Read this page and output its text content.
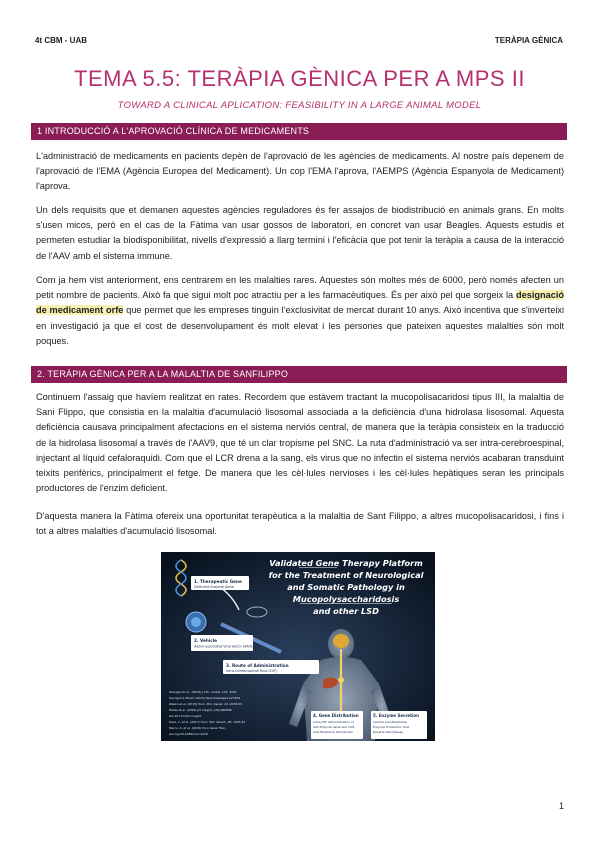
4t CBM - UAB	TERÀPIA GÈNICA
TEMA 5.5: TERÀPIA GÈNICA PER A MPS II
TOWARD A CLINICAL APLICATION: FEASIBILITY IN A LARGE ANIMAL MODEL
1 INTRODUCCIÓ A L'APROVACIÓ CLÍNICA DE MEDICAMENTS

L'administració de medicaments en pacients depèn de l'aprovació de les agències de medicaments. Al nostre país depenem de l'aprovació de l'EMA (Agència Europea del Medicament). Un cop l'EMA l'aprova, l'AEMPS (Agència Espanyola de Medicament) l'aprova.

Un dels requisits que et demanen aquestes agències reguladores és fer assajos de biodistribució en animals grans. En molts s'usen micos, però en el cas de la Fàtima van usar gossos de laboratori, en concret van usar Beagles. Aquests estudis et permeten estudiar la biodisponibilitat, nivells d'expressió a llarg termini i l'eficàcia que pot tenir la teràpia a causa de la interacció de l'AAV amb el sistema immune.

Com ja hem vist anteriorment, ens centrarem en les malalties rares. Aquestes són moltes més de 6000, però només afecten un petit nombre de pacients. Això fa que sigui molt poc atractiu per a les farmacèutiques. És per això pel que sorgeix la designació de medicament orfe que permet que les empreses tinguin l'exclusivitat de mercat durant 10 anys. Això incentiva que s'inverteixi en investigació ja que el cost de desenvolupament és molt elevat i les persones que pateixen aquestes malalties són molt poques.

2. TERÀPIA GÈNICA PER A LA MALALTIA DE SANFILIPPO

Continuem l'assaig que havíem realitzat en rates. Recordem que estàvem tractant la mucopolisacaridosi tipus III, la malaltia de Sani Flippo, que consistia en la malaltia d'acumulació lisosomal associada a la deficiència d'una hidrolasa lisosomal. Aquesta deficiència causava principalment afectacions en el sistema nerviós central, de manera que la teràpia consisteix en la traducció de la hidrolasa lisosomal a través de l'AAV9, que té un clar tropisme pel SNC. La ruta d'administració va ser intra-cerebroespinal, injectant al líquid cefaloraquidi. Com que el LCR drena a la sang, els virus que no infectin el sistema nerviós acabaran transduint teixits perifèrics, principalment el fetge. De manera que les cèl·lules nervioses i les cèl·lules hepàtiques seran les principals productores de l'enzim deficient.

D'aquesta manera la Fàtima ofereix una oportunitat terapèutica a la malaltia de Sant Filippo, a altres mucopolisacaridosi, i fins i tot a altres malalties d'acumulació lisosomal.

1. Therapeutic Gene
Deficient Enzyme Gene
2. Vehicle
Adeno-associated Viral Vector (AAV9)
3. Route of Administration
Intra-Cerebrospinal fluid (CSF)
4. Gene Distribution
Intra-CSF Administration of
AAV-Enzyme Gene and CNS
and Peripheral Distribution
5. Enzyme Secretion
Central and Peripheral
Enzyme Production that
Reverts the Disease
Validated Gene Therapy Platform
for the Treatment of Neurological
and Somatic Pathology in
Mucopolysaccharidosis
and other LSD
Haurigot et al., (2013) J.Clin. Invest. 123: 3254
Haurigot & Bosch (2013) Rare Diseases1:e27206
Ribera et al. (2015) Hum. Mol. Genet. 24: 2078-95
Motas et al. (2016) JCI Insight, 1(9):e86696.
doi:10.1172/jci.insight
Roca, C. et al. (2017) Hum. Mol. Genet., 26: 1535-51
Marco, S. et al. (2019) Hum Gene Ther.,
doi.org/10.1089/hum.2019
1
